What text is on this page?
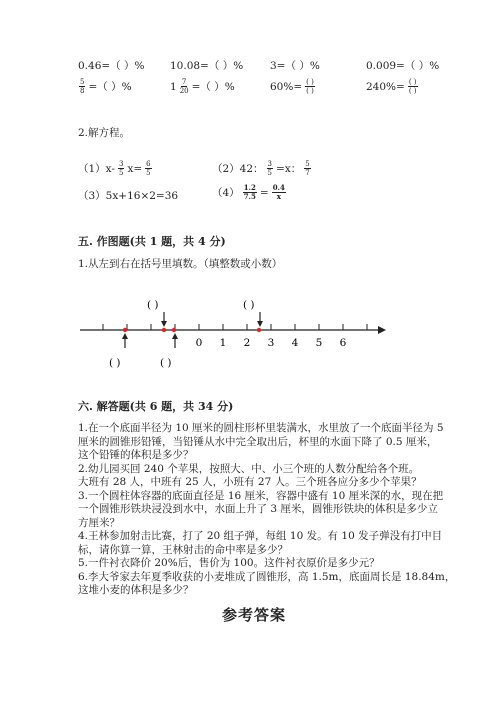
0.46=（ ）% 10.08=（ ）%	3=（ ）%	0.009=（ ）%
$\frac{5}{8}$ =（ ）%	$1 \frac{7}{20}$ =（ ）%	$60\%= \frac{( )}{( )}$	$240\%= \frac{( )}{( )}$
2.解方程。
$(1)x- \frac{3}{5} x= \frac{6}{5}$	（2）42： $\frac{3}{5} =x$： $\frac{5}{7}$
（3）5x+16×2=36	$(4) \frac{1.2}{7.5} = \frac{0.4}{x}$
五. 作图题(共 1 题，共 4 分)
1.从左到右在括号里填数。（填整数或小数）
0 1 2 3 4 5 6
( )	( )
( )	( )
六. 解答题(共 6 题，共 34 分)
1.在一个底面半径为 10 厘米的圆柱形杯里装满水，水里放了一个底面半径为 5
厘米的圆锥形铅锤，当铅锤从水中完全取出后，杯里的水面下降了 0.5 厘米，
这个铅锤的体积是多少？
2.幼儿园买回 240 个苹果，按照大、中、小三个班的人数分配给各个班。
大班有 28 人，中班有 25 人，小班有 27 人。三个班各应分多少个苹果？
3.一个圆柱体容器的底面直径是 16 厘米，容器中盛有 10 厘米深的水，现在把
一个圆锥形铁块浸没到水中，水面上升了 3 厘米，圆锥形铁块的体积是多少立
方厘米？
4.王林参加射击比赛，打了 20 组子弹，每组 10 发。有 10 发子弹没有打中目
标，请你算一算，王林射击的命中率是多少？
5.一件衬衣降价 20%后，售价为 100。这件衬衣原价是多少元？
6.李大爷家去年夏季收获的小麦堆成了圆锥形，高 1.5m，底面周长是 18.84m，
这堆小麦的体积是多少？
参考答案
